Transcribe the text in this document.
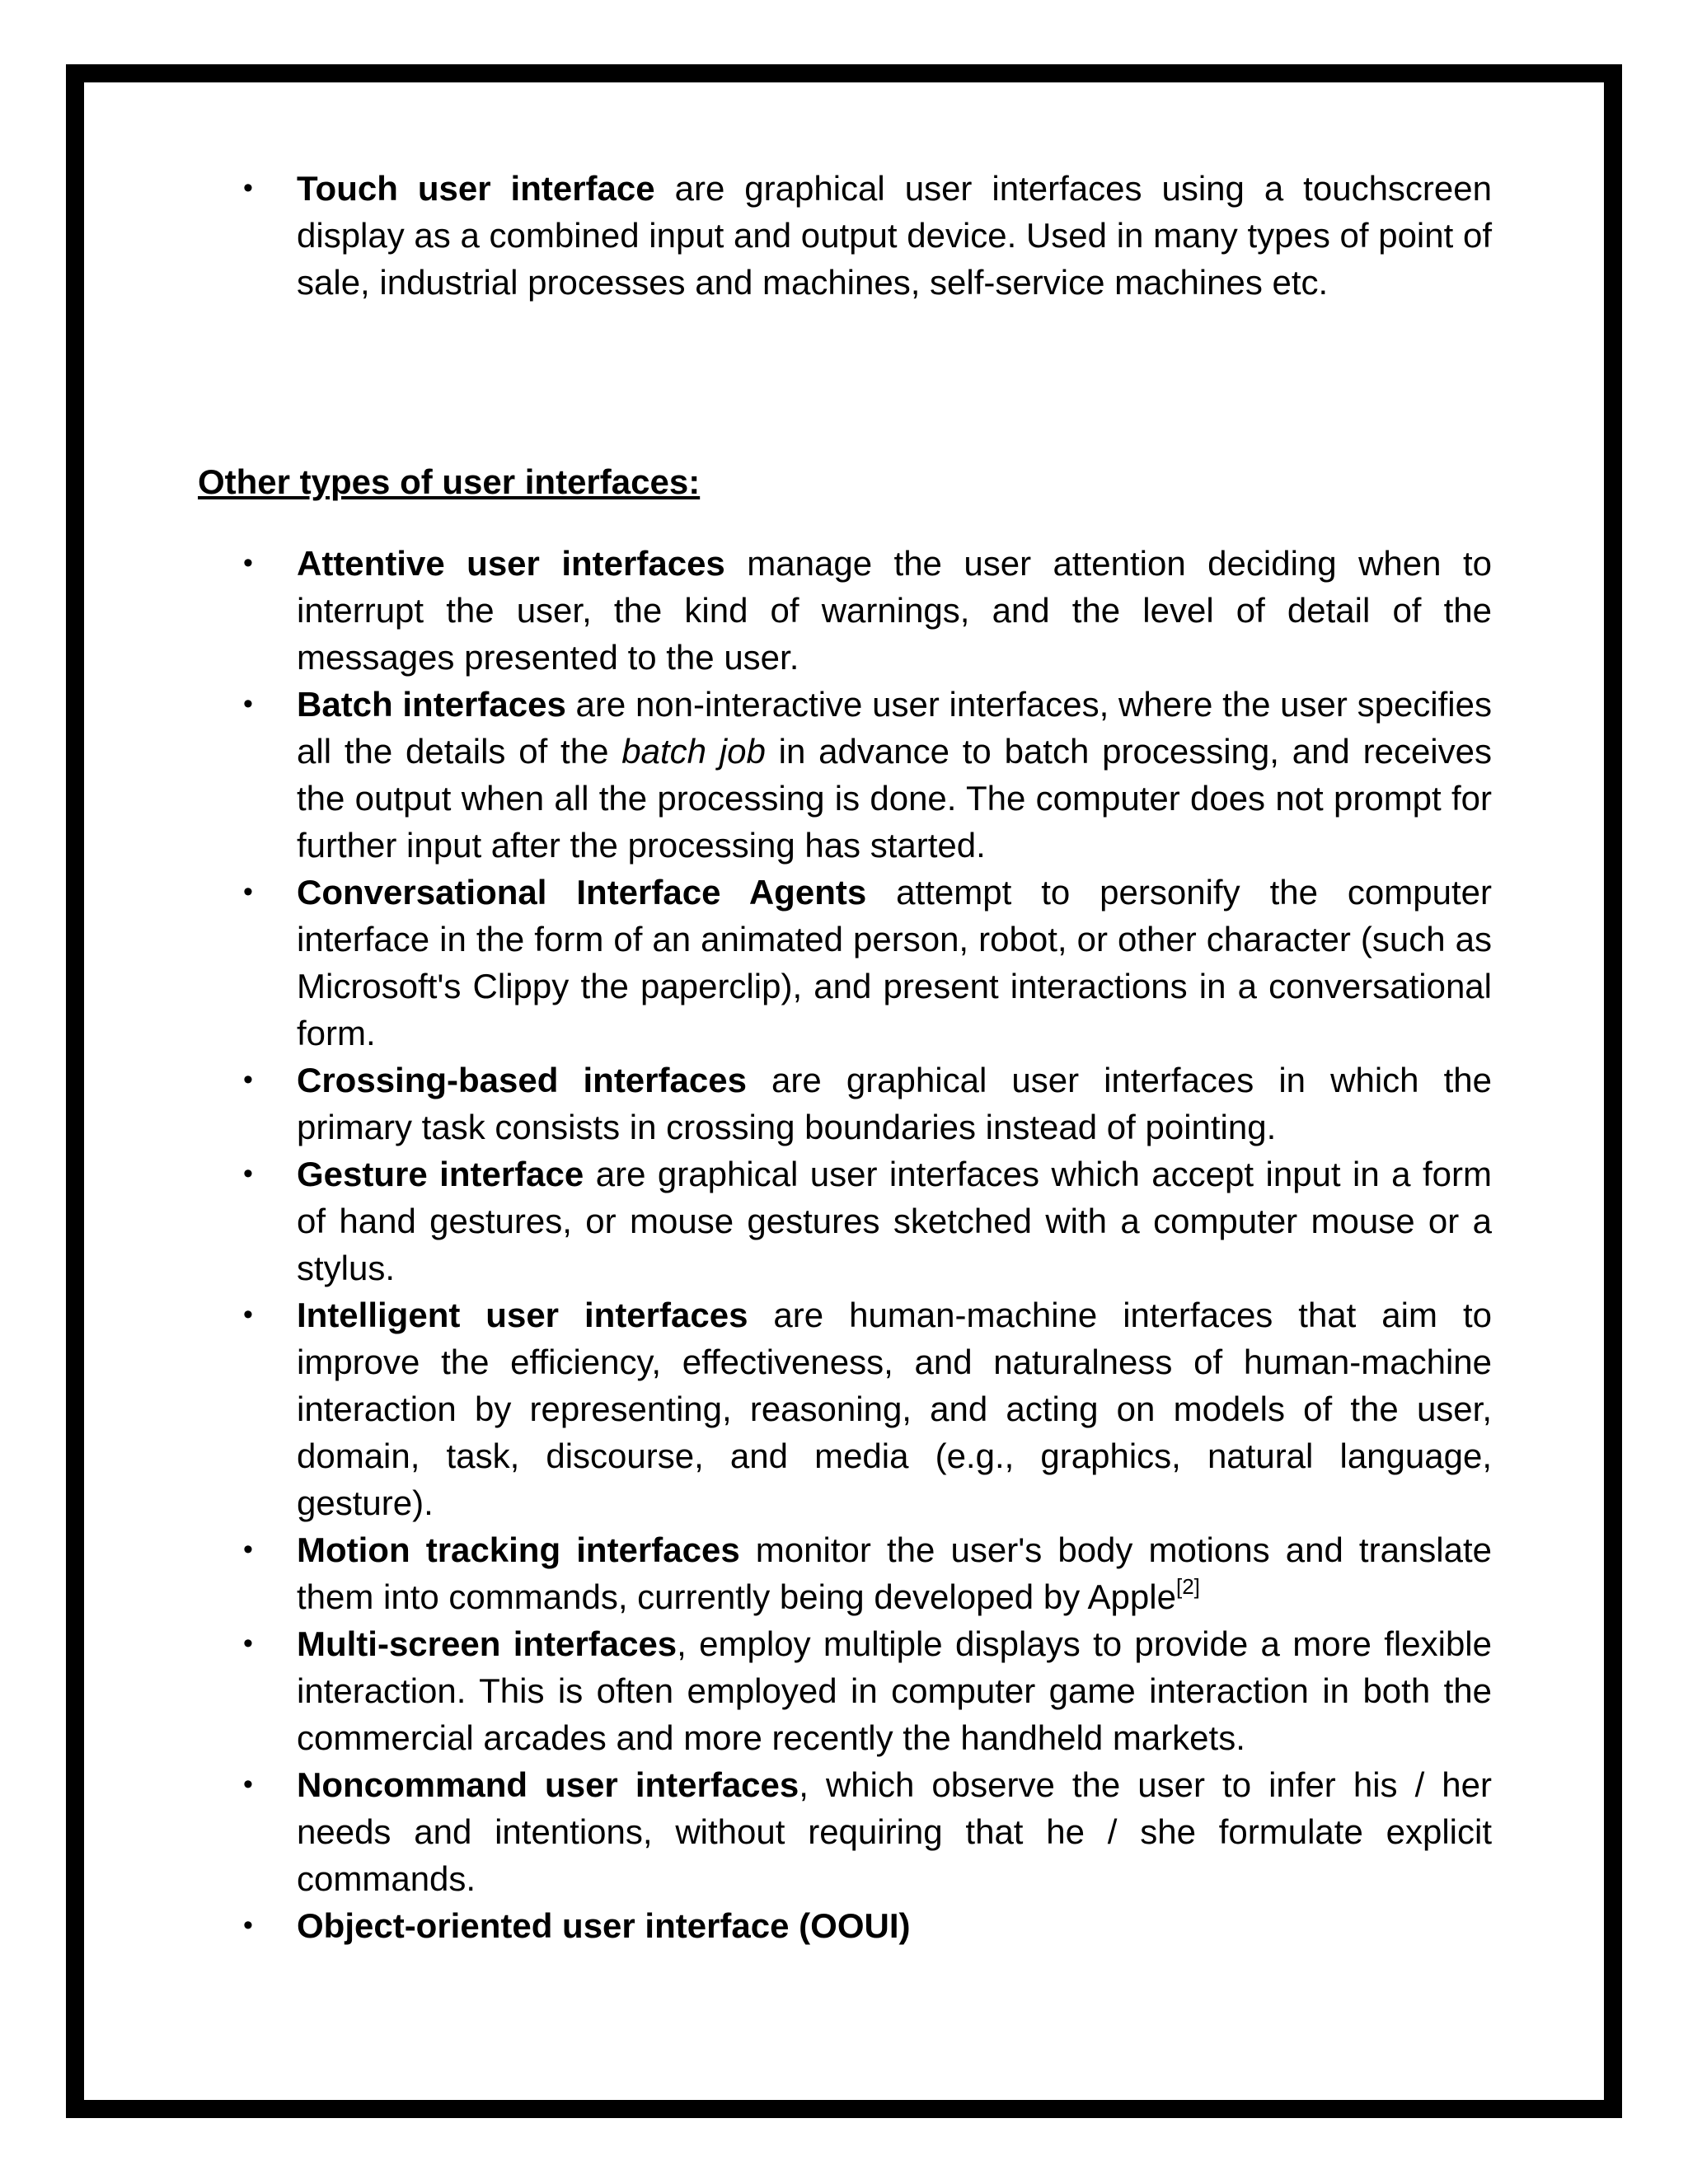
• Touch user interface are graphical user interfaces using a touchscreen display as a combined input and output device. Used in many types of point of sale, industrial processes and machines, self-service machines etc.
Other types of user interfaces:
• Attentive user interfaces manage the user attention deciding when to interrupt the user, the kind of warnings, and the level of detail of the messages presented to the user.
• Batch interfaces are non-interactive user interfaces, where the user specifies all the details of the batch job in advance to batch processing, and receives the output when all the processing is done. The computer does not prompt for further input after the processing has started.
• Conversational Interface Agents attempt to personify the computer interface in the form of an animated person, robot, or other character (such as Microsoft's Clippy the paperclip), and present interactions in a conversational form.
• Crossing-based interfaces are graphical user interfaces in which the primary task consists in crossing boundaries instead of pointing.
• Gesture interface are graphical user interfaces which accept input in a form of hand gestures, or mouse gestures sketched with a computer mouse or a stylus.
• Intelligent user interfaces are human-machine interfaces that aim to improve the efficiency, effectiveness, and naturalness of human-machine interaction by representing, reasoning, and acting on models of the user, domain, task, discourse, and media (e.g., graphics, natural language, gesture).
• Motion tracking interfaces monitor the user's body motions and translate them into commands, currently being developed by Apple[2]
• Multi-screen interfaces, employ multiple displays to provide a more flexible interaction. This is often employed in computer game interaction in both the commercial arcades and more recently the handheld markets.
• Noncommand user interfaces, which observe the user to infer his / her needs and intentions, without requiring that he / she formulate explicit commands.
• Object-oriented user interface (OOUI)
